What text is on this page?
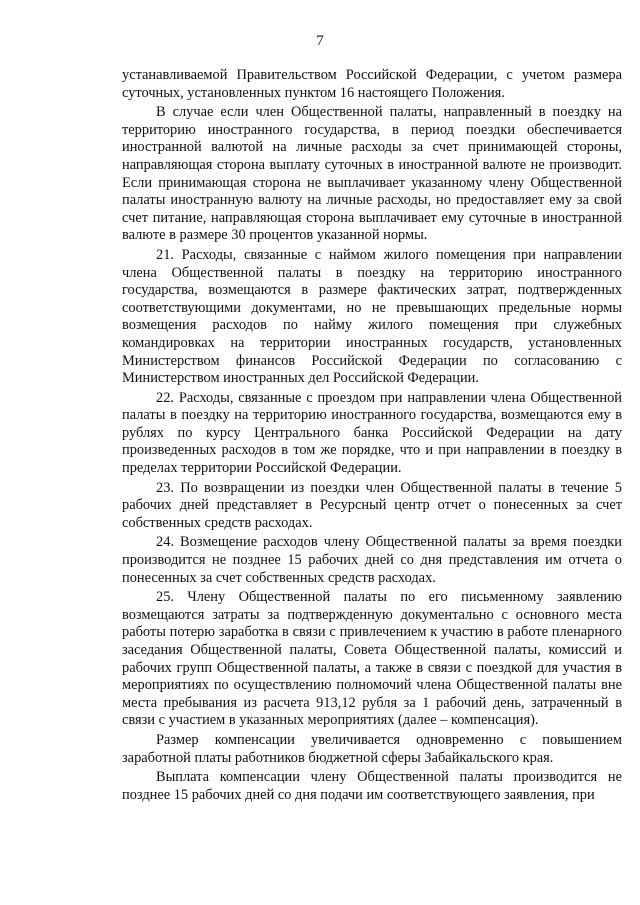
7

устанавливаемой Правительством Российской Федерации, с учетом размера суточных, установленных пунктом 16 настоящего Положения.

В случае если член Общественной палаты, направленный в поездку на территорию иностранного государства, в период поездки обеспечивается иностранной валютой на личные расходы за счет принимающей стороны, направляющая сторона выплату суточных в иностранной валюте не производит. Если принимающая сторона не выплачивает указанному члену Общественной палаты иностранную валюту на личные расходы, но предоставляет ему за свой счет питание, направляющая сторона выплачивает ему суточные в иностранной валюте в размере 30 процентов указанной нормы.

21. Расходы, связанные с наймом жилого помещения при направлении члена Общественной палаты в поездку на территорию иностранного государства, возмещаются в размере фактических затрат, подтвержденных соответствующими документами, но не превышающих предельные нормы возмещения расходов по найму жилого помещения при служебных командировках на территории иностранных государств, установленных Министерством финансов Российской Федерации по согласованию с Министерством иностранных дел Российской Федерации.

22. Расходы, связанные с проездом при направлении члена Общественной палаты в поездку на территорию иностранного государства, возмещаются ему в рублях по курсу Центрального банка Российской Федерации на дату произведенных расходов в том же порядке, что и при направлении в поездку в пределах территории Российской Федерации.

23. По возвращении из поездки член Общественной палаты в течение 5 рабочих дней представляет в Ресурсный центр отчет о понесенных за счет собственных средств расходах.

24. Возмещение расходов члену Общественной палаты за время поездки производится не позднее 15 рабочих дней со дня представления им отчета о понесенных за счет собственных средств расходах.

25. Члену Общественной палаты по его письменному заявлению возмещаются затраты за подтвержденную документально с основного места работы потерю заработка в связи с привлечением к участию в работе пленарного заседания Общественной палаты, Совета Общественной палаты, комиссий и рабочих групп Общественной палаты, а также в связи с поездкой для участия в мероприятиях по осуществлению полномочий члена Общественной палаты вне места пребывания из расчета 913,12 рубля за 1 рабочий день, затраченный в связи с участием в указанных мероприятиях (далее – компенсация).

Размер компенсации увеличивается одновременно с повышением заработной платы работников бюджетной сферы Забайкальского края.

Выплата компенсации члену Общественной палаты производится не позднее 15 рабочих дней со дня подачи им соответствующего заявления, при
